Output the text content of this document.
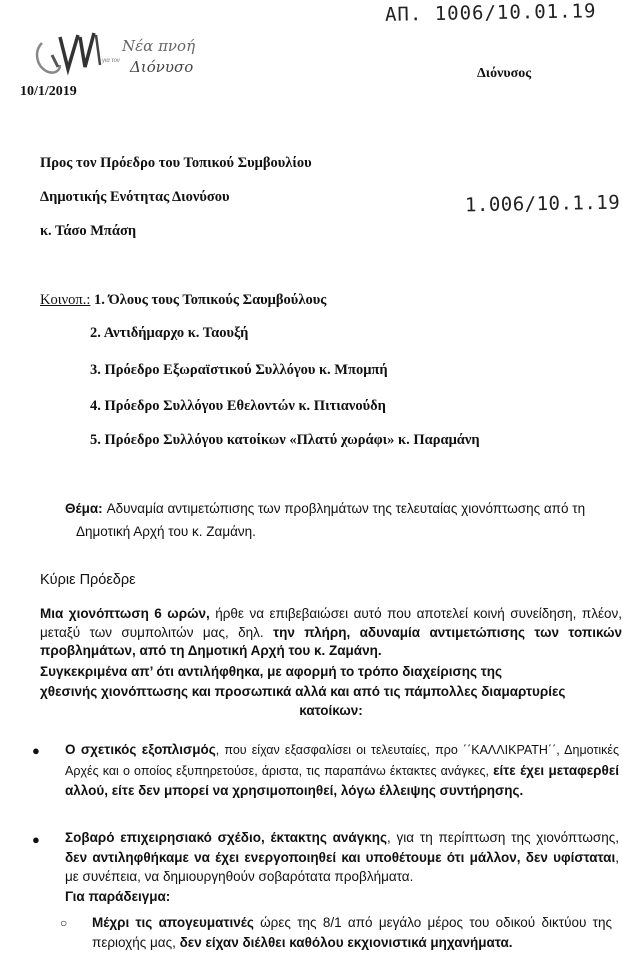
Νέα πνοή
για τον Διόνυσο
ΑΠ. 1006/10.01.19
1.006/10.1.19
10/1/2019
Διόνυσος
Προς τον Πρόεδρο του Τοπικού Συμβουλίου
Δημοτικής Ενότητας Διονύσου
κ. Τάσο Μπάση
Κοινοπ.: 1. Όλους τους Τοπικούς Σαυμβούλους
2. Αντιδήμαρχο κ. Ταουξή
3. Πρόεδρο Εξωραϊστικού Συλλόγου κ. Μπομπή
4. Πρόεδρο Συλλόγου Εθελοντών κ. Πιτιανούδη
5. Πρόεδρο Συλλόγου κατοίκων «Πλατύ χωράφι» κ. Παραμάνη
Θέμα: Αδυναμία αντιμετώπισης των προβλημάτων της τελευταίας χιονόπτωσης από τη
Δημοτική Αρχή του κ. Ζαμάνη.
Κύριε Πρόεδρε
Μια χιονόπτωση 6 ωρών, ήρθε να επιβεβαιώσει αυτό που αποτελεί κοινή συνείδηση, πλέον, μεταξύ των συμπολιτών μας, δηλ. την πλήρη, αδυναμία αντιμετώπισης των τοπικών προβλημάτων, από τη Δημοτική Αρχή του κ. Ζαμάνη.
Συγκεκριμένα απ’ ότι αντιλήφθηκα, με αφορμή το τρόπο διαχείρισης της
χθεσινής χιονόπτωσης και προσωπικά αλλά και από τις πάμπολλες διαμαρτυρίες
κατοίκων:
● Ο σχετικός εξοπλισμός, που είχαν εξασφαλίσει οι τελευταίες, προ ΄΄ΚΑΛΛΙΚΡΑΤΗ΄΄, Δημοτικές Αρχές και ο οποίος εξυπηρετούσε, άριστα, τις παραπάνω έκτακτες ανάγκες, είτε έχει μεταφερθεί αλλού, είτε δεν μπορεί να χρησιμοποιηθεί, λόγω έλλειψης συντήρησης.
● Σοβαρό επιχειρησιακό σχέδιο, έκτακτης ανάγκης, για τη περίπτωση της χιονόπτωσης, δεν αντιληφθήκαμε να έχει ενεργοποιηθεί και υποθέτουμε ότι μάλλον, δεν υφίσταται, με συνέπεια, να δημιουργηθούν σοβαρότατα προβλήματα.
Για παράδειγμα:
○ Μέχρι τις απογευματινές ώρες της 8/1 από μεγάλο μέρος του οδικού δικτύου της περιοχής μας, δεν είχαν διέλθει καθόλου εκχιονιστικά μηχανήματα.
